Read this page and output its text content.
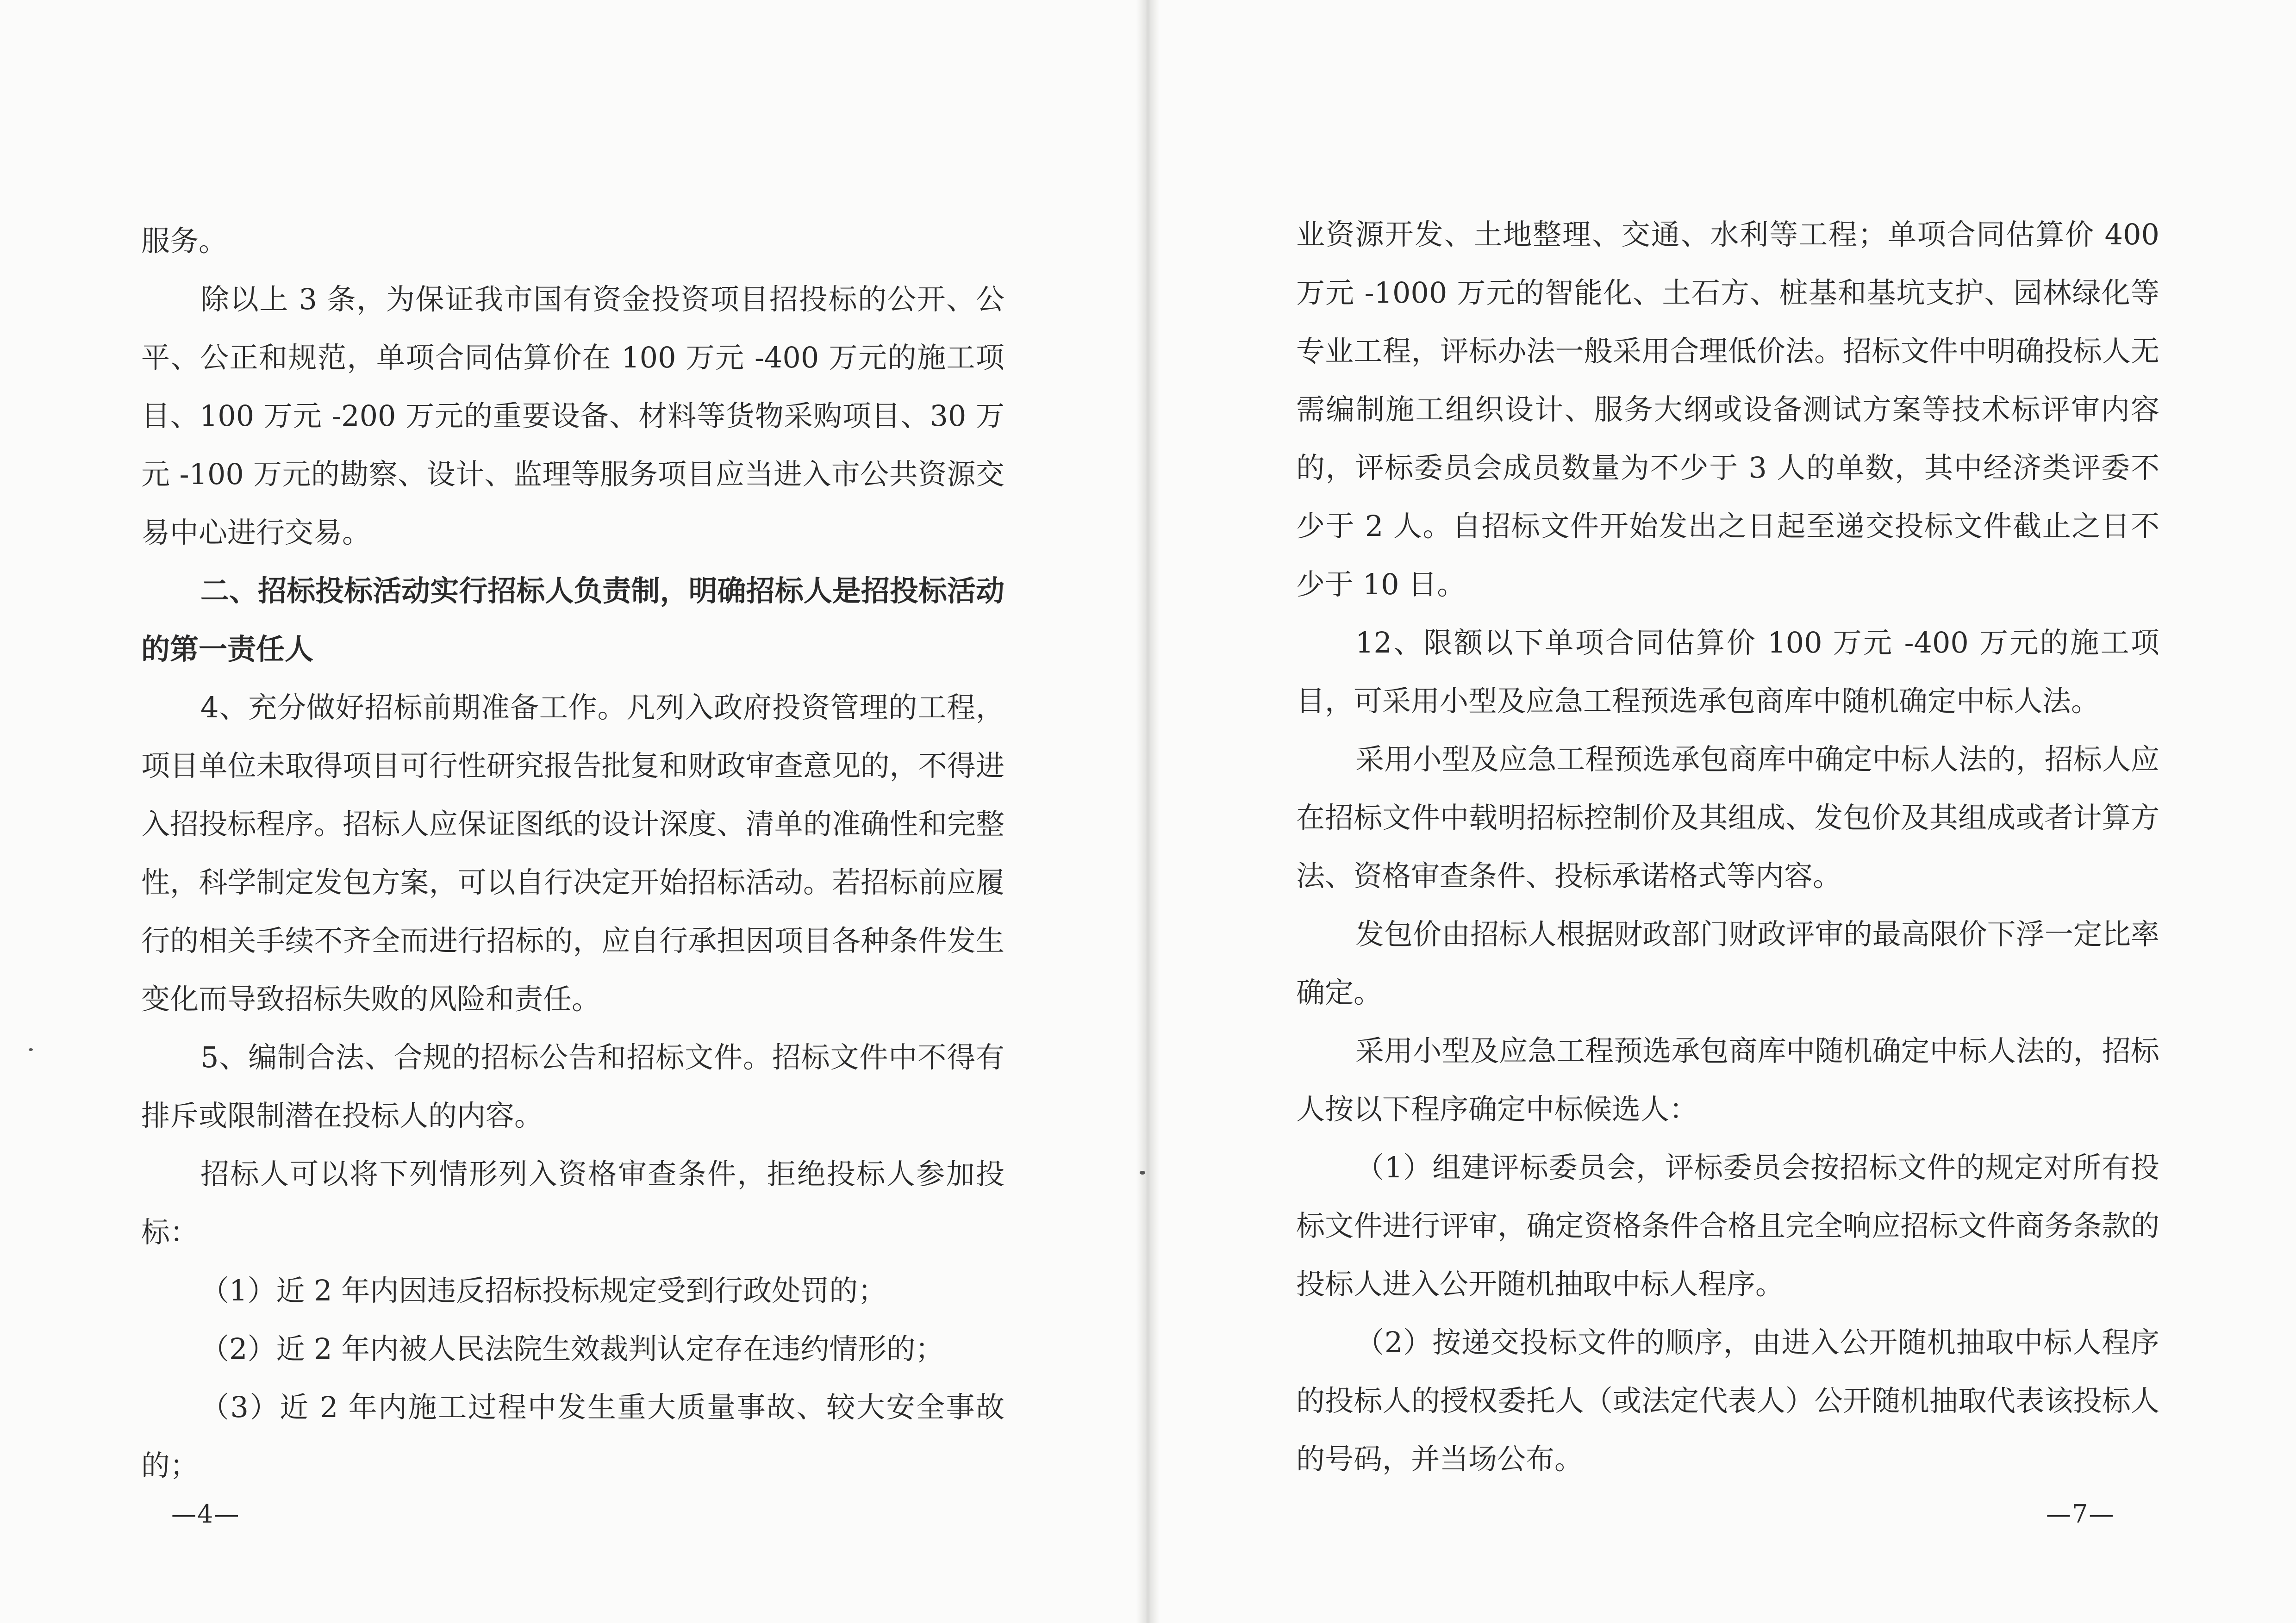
服务。

除以上 3 条，为保证我市国有资金投资项目招投标的公开、公平、公正和规范，单项合同估算价在 100 万元 -400 万元的施工项目、100 万元 -200 万元的重要设备、材料等货物采购项目、30 万元 -100 万元的勘察、设计、监理等服务项目应当进入市公共资源交易中心进行交易。

二、招标投标活动实行招标人负责制，明确招标人是招投标活动的第一责任人

4、充分做好招标前期准备工作。凡列入政府投资管理的工程，项目单位未取得项目可行性研究报告批复和财政审查意见的，不得进入招投标程序。招标人应保证图纸的设计深度、清单的准确性和完整性，科学制定发包方案，可以自行决定开始招标活动。若招标前应履行的相关手续不齐全而进行招标的，应自行承担因项目各种条件发生变化而导致招标失败的风险和责任。

5、编制合法、合规的招标公告和招标文件。招标文件中不得有排斥或限制潜在投标人的内容。

招标人可以将下列情形列入资格审查条件，拒绝投标人参加投标：

（1）近 2 年内因违反招标投标规定受到行政处罚的；

（2）近 2 年内被人民法院生效裁判认定存在违约情形的；

（3）近 2 年内施工过程中发生重大质量事故、较大安全事故的；

—4—

业资源开发、土地整理、交通、水利等工程；单项合同估算价 400 万元 -1000 万元的智能化、土石方、桩基和基坑支护、园林绿化等专业工程，评标办法一般采用合理低价法。招标文件中明确投标人无需编制施工组织设计、服务大纲或设备测试方案等技术标评审内容的，评标委员会成员数量为不少于 3 人的单数，其中经济类评委不少于 2 人。自招标文件开始发出之日起至递交投标文件截止之日不少于 10 日。

12、限额以下单项合同估算价 100 万元 -400 万元的施工项目，可采用小型及应急工程预选承包商库中随机确定中标人法。

采用小型及应急工程预选承包商库中确定中标人法的，招标人应在招标文件中载明招标控制价及其组成、发包价及其组成或者计算方法、资格审查条件、投标承诺格式等内容。

发包价由招标人根据财政部门财政评审的最高限价下浮一定比率确定。

采用小型及应急工程预选承包商库中随机确定中标人法的，招标人按以下程序确定中标候选人：

（1）组建评标委员会，评标委员会按招标文件的规定对所有投标文件进行评审，确定资格条件合格且完全响应招标文件商务条款的投标人进入公开随机抽取中标人程序。

（2）按递交投标文件的顺序，由进入公开随机抽取中标人程序的投标人的授权委托人（或法定代表人）公开随机抽取代表该投标人的号码，并当场公布。

—7—
